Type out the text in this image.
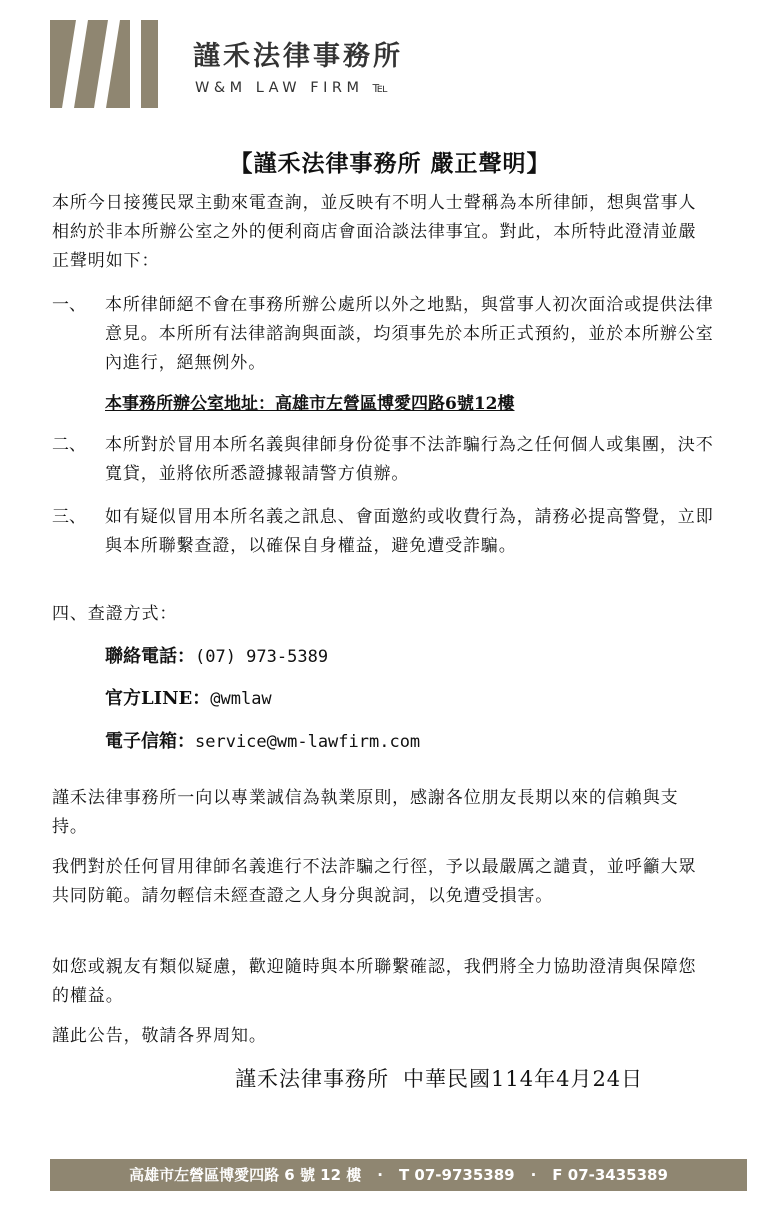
謹禾法律事務所
W&M LAW FIRM ℡
【謹禾法律事務所 嚴正聲明】

本所今日接獲民眾主動來電查詢，並反映有不明人士聲稱為本所律師，想與當事人相約於非本所辦公室之外的便利商店會面洽談法律事宜。對此，本所特此澄清並嚴正聲明如下：

一、 本所律師絕不會在事務所辦公處所以外之地點，與當事人初次面洽或提供法律意見。本所所有法律諮詢與面談，均須事先於本所正式預約，並於本所辦公室內進行，絕無例外。

本事務所辦公室地址：高雄市左營區博愛四路6號12樓
二、 本所對於冒用本所名義與律師身份從事不法詐騙行為之任何個人或集團，決不寬貸，並將依所悉證據報請警方偵辦。

三、 如有疑似冒用本所名義之訊息、會面邀約或收費行為，請務必提高警覺，立即與本所聯繫查證，以確保自身權益，避免遭受詐騙。

四、查證方式：
聯絡電話：(07) 973-5389
官方LINE：@wmlaw
電子信箱：service@wm-lawfirm.com

謹禾法律事務所一向以專業誠信為執業原則，感謝各位朋友長期以來的信賴與支持。

我們對於任何冒用律師名義進行不法詐騙之行徑，予以最嚴厲之譴責，並呼籲大眾共同防範。請勿輕信未經查證之人身分與說詞，以免遭受損害。

如您或親友有類似疑慮，歡迎隨時與本所聯繫確認，我們將全力協助澄清與保障您的權益。

謹此公告，敬請各界周知。

謹禾法律事務所 中華民國114年4月24日
高雄市左營區博愛四路 6 號 12 樓 · T 07-9735389 · F 07-3435389
